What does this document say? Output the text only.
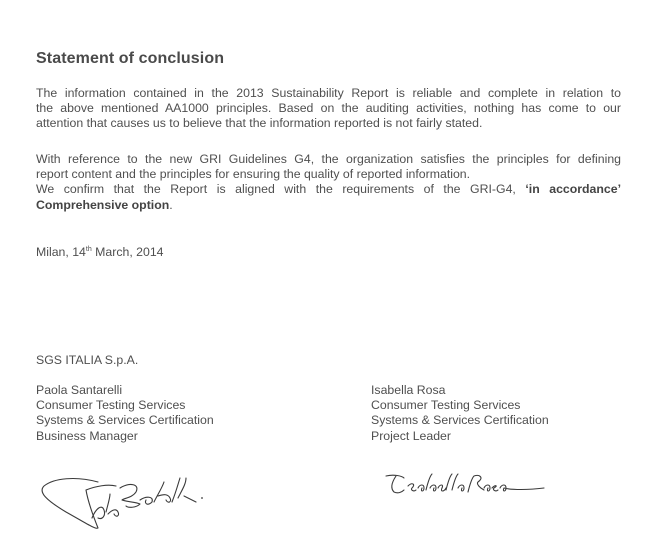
Statement of conclusion

The information contained in the 2013 Sustainability Report is reliable and complete in relation to
the above mentioned AA1000 principles. Based on the auditing activities, nothing has come to our
attention that causes us to believe that the information reported is not fairly stated.

With reference to the new GRI Guidelines G4, the organization satisfies the principles for defining
report content and the principles for ensuring the quality of reported information.
We confirm that the Report is aligned with the requirements of the GRI-G4, ‘in accordance’
Comprehensive option.

Milan, 14th March, 2014

SGS ITALIA S.p.A.

Paola Santarelli
Consumer Testing Services
Systems & Services Certification
Business Manager
Isabella Rosa
Consumer Testing Services
Systems & Services Certification
Project Leader
